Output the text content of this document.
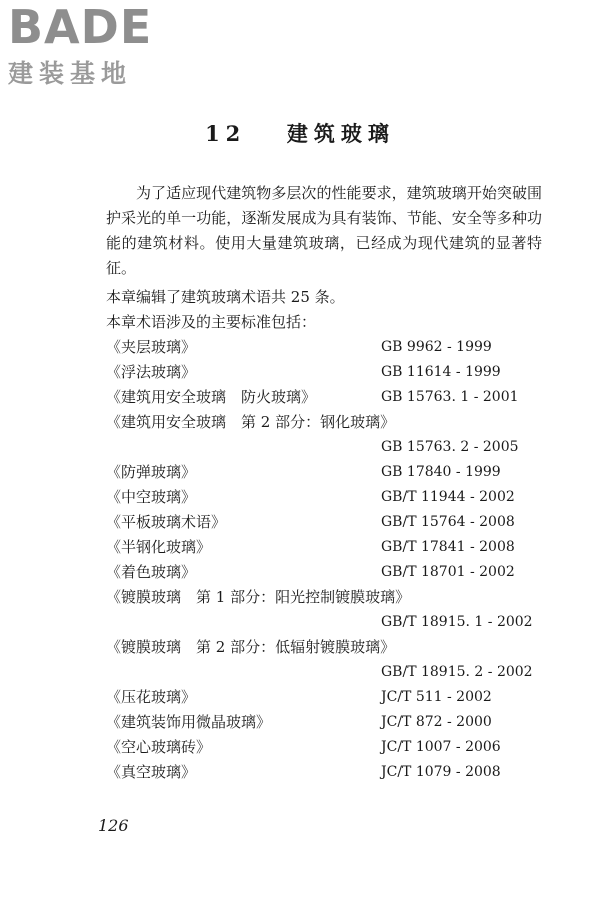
BADE
建装基地
12 建筑玻璃

为了适应现代建筑物多层次的性能要求，建筑玻璃开始突破围护采光的单一功能，逐渐发展成为具有装饰、节能、安全等多种功能的建筑材料。使用大量建筑玻璃，已经成为现代建筑的显著特征。

本章编辑了建筑玻璃术语共 25 条。
本章术语涉及的主要标准包括：
《夹层玻璃》	GB 9962 - 1999
《浮法玻璃》	GB 11614 - 1999
《建筑用安全玻璃　防火玻璃》	GB 15763. 1 - 2001
《建筑用安全玻璃　第 2 部分：钢化玻璃》
GB 15763. 2 - 2005
《防弹玻璃》	GB 17840 - 1999
《中空玻璃》	GB/T 11944 - 2002
《平板玻璃术语》	GB/T 15764 - 2008
《半钢化玻璃》	GB/T 17841 - 2008
《着色玻璃》	GB/T 18701 - 2002
《镀膜玻璃　第 1 部分：阳光控制镀膜玻璃》
GB/T 18915. 1 - 2002
《镀膜玻璃　第 2 部分：低辐射镀膜玻璃》
GB/T 18915. 2 - 2002
《压花玻璃》	JC/T 511 - 2002
《建筑装饰用微晶玻璃》	JC/T 872 - 2000
《空心玻璃砖》	JC/T 1007 - 2006
《真空玻璃》	JC/T 1079 - 2008
126
